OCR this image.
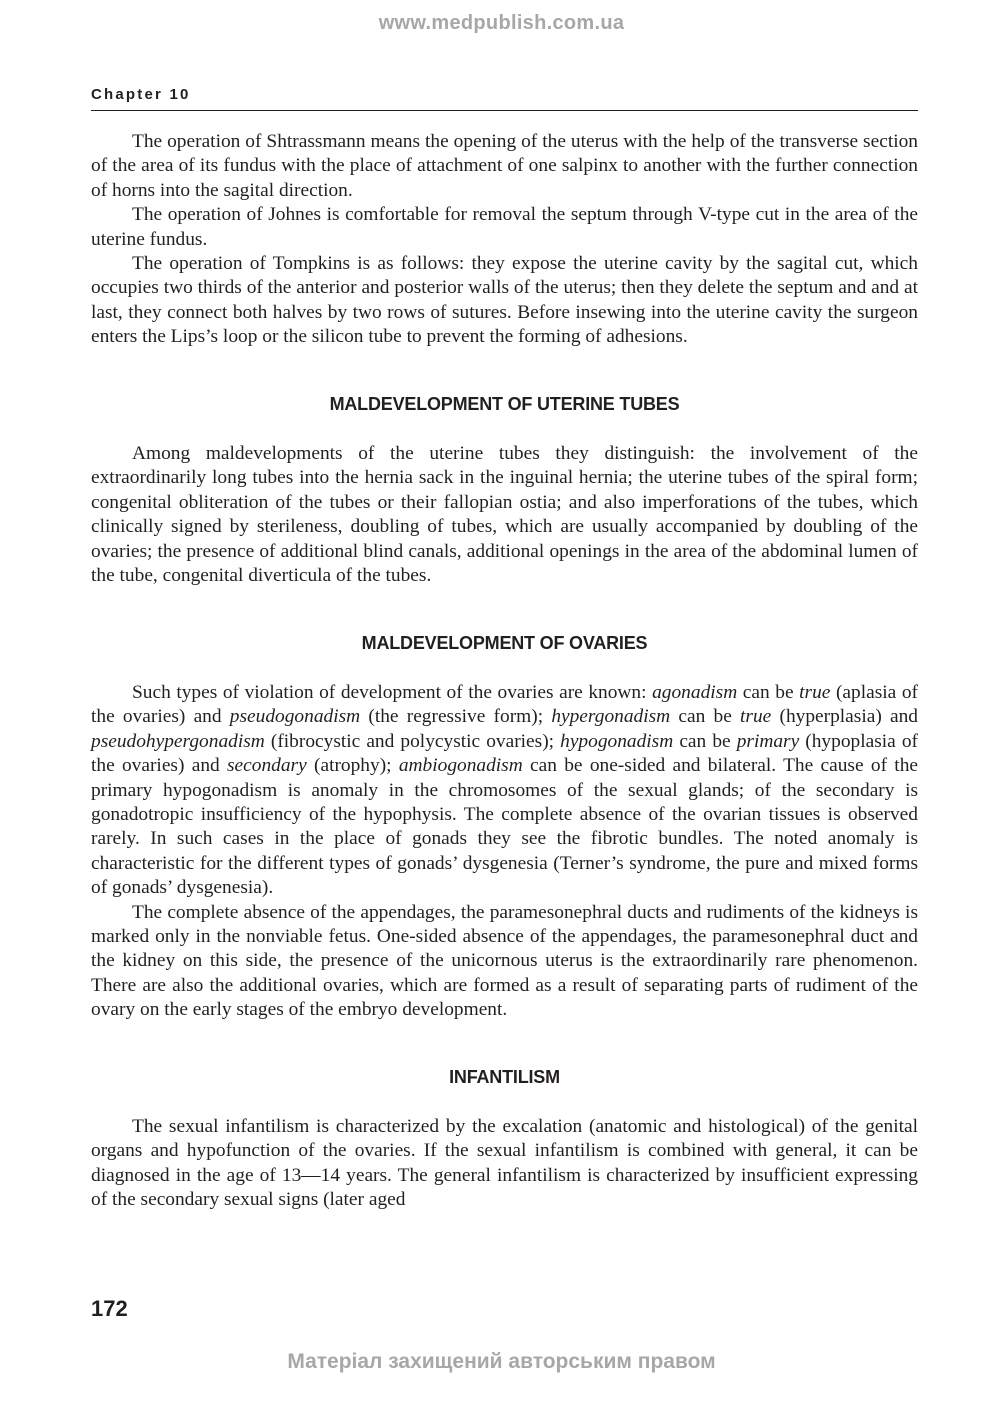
www.medpublish.com.ua
Chapter 10

The operation of Shtrassmann means the opening of the uterus with the help of the transverse section of the area of its fundus with the place of attachment of one salpinx to another with the further connection of horns into the sagital direction.

The operation of Johnes is comfortable for removal the septum through V-type cut in the area of the uterine fundus.

The operation of Tompkins is as follows: they expose the uterine cavity by the sagital cut, which occupies two thirds of the anterior and posterior walls of the uterus; then they delete the septum and and at last, they connect both halves by two rows of sutures. Before insewing into the uterine cavity the surgeon enters the Lips’s loop or the silicon tube to prevent the forming of adhesions.

MALDEVELOPMENT OF UTERINE TUBES

Among maldevelopments of the uterine tubes they distinguish: the involvement of the extraordinarily long tubes into the hernia sack in the inguinal hernia; the uterine tubes of the spiral form; congenital obliteration of the tubes or their fallopian ostia; and also imperforations of the tubes, which clinically signed by sterileness, doubling of tubes, which are usually accompanied by doubling of the ovaries; the presence of additional blind canals, additional openings in the area of the abdominal lumen of the tube, congenital diverticula of the tubes.

MALDEVELOPMENT OF OVARIES

Such types of violation of development of the ovaries are known: agonadism can be true (aplasia of the ovaries) and pseudogonadism (the regressive form); hypergonadism can be true (hyperplasia) and pseudohypergonadism (fibrocystic and polycystic ovaries); hypogonadism can be primary (hypoplasia of the ovaries) and secondary (atrophy); ambiogonadism can be one-sided and bilateral. The cause of the primary hypogonadism is anomaly in the chromosomes of the sexual glands; of the secondary is gonadotropic insufficiency of the hypophysis. The complete absence of the ovarian tissues is observed rarely. In such cases in the place of gonads they see the fibrotic bundles. The noted anomaly is characteristic for the different types of gonads’ dysgenesia (Terner’s syndrome, the pure and mixed forms of gonads’ dysgenesia).

The complete absence of the appendages, the paramesonephral ducts and rudiments of the kidneys is marked only in the nonviable fetus. One-sided absence of the appendages, the paramesonephral duct and the kidney on this side, the presence of the unicornous uterus is the extraordinarily rare phenomenon. There are also the additional ovaries, which are formed as a result of separating parts of rudiment of the ovary on the early stages of the embryo development.

INFANTILISM

The sexual infantilism is characterized by the excalation (anatomic and histological) of the genital organs and hypofunction of the ovaries. If the sexual infantilism is combined with general, it can be diagnosed in the age of 13—14 years. The general infantilism is characterized by insufficient expressing of the secondary sexual signs (later aged

172
Матеріал захищений авторським правом
